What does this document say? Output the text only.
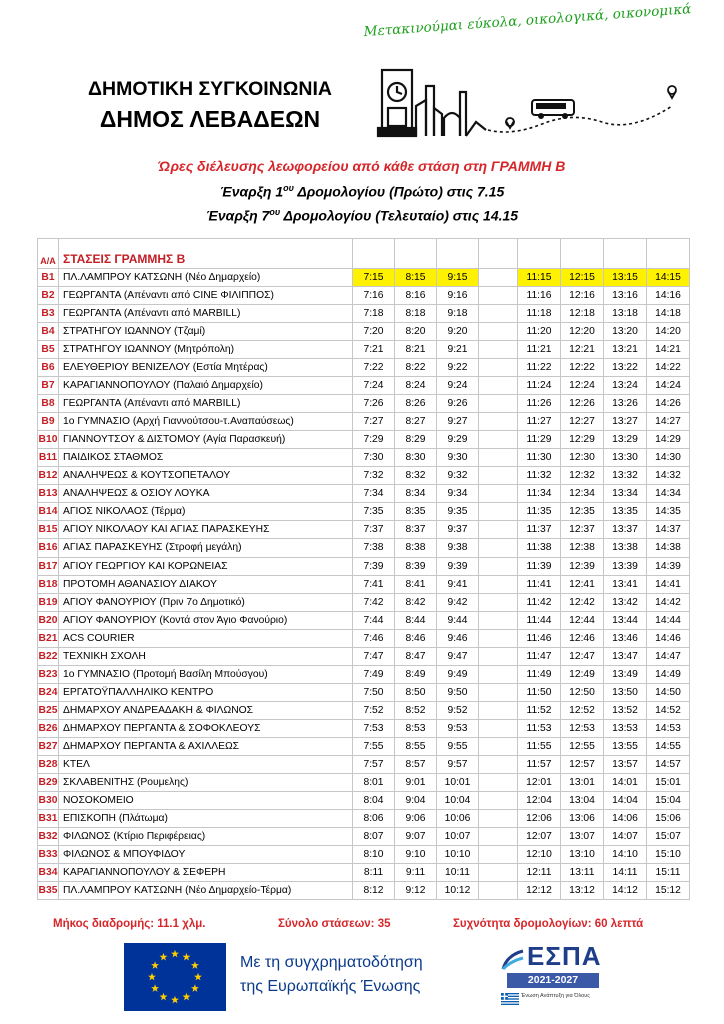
Μετακινούμαι εύκολα, οικολογικά, οικονομικά
ΔΗΜΟΤΙΚΗ ΣΥΓΚΟΙΝΩΝΙΑ
ΔΗΜΟΣ ΛΕΒΑΔΕΩΝ
Ώρες διέλευσης λεωφορείου από κάθε στάση στη ΓΡΑΜΜΗ Β
Έναρξη $1^{o\upsilon}$ Δρομολογίου (Πρώτο) στις 7.15
Έναρξη $7^{o\upsilon}$ Δρομολογίου (Τελευταίο) στις 14.15
Α/Α	ΣΤΑΣΕΙΣ ΓΡΑΜΜΗΣ Β								
Β1	ΠΛ.ΛΑΜΠΡΟΥ ΚΑΤΣΩΝΗ (Νέο Δημαρχείο)	7:15	8:15	9:15		11:15	12:15	13:15	14:15
Β2	ΓΕΩΡΓΑΝΤΑ (Απέναντι από CINE ΦΙΛΙΠΠΟΣ)	7:16	8:16	9:16		11:16	12:16	13:16	14:16
Β3	ΓΕΩΡΓΑΝΤΑ (Απέναντι από MARBILL)	7:18	8:18	9:18		11:18	12:18	13:18	14:18
Β4	ΣΤΡΑΤΗΓΟΥ ΙΩΑΝΝΟΥ (Τζαμί)	7:20	8:20	9:20		11:20	12:20	13:20	14:20
Β5	ΣΤΡΑΤΗΓΟΥ ΙΩΑΝΝΟΥ (Μητρόπολη)	7:21	8:21	9:21		11:21	12:21	13:21	14:21
Β6	ΕΛΕΥΘΕΡΙΟΥ ΒΕΝΙΖΕΛΟΥ (Εστία Μητέρας)	7:22	8:22	9:22		11:22	12:22	13:22	14:22
Β7	ΚΑΡΑΓΙΑΝΝΟΠΟΥΛΟΥ (Παλαιό Δημαρχείο)	7:24	8:24	9:24		11:24	12:24	13:24	14:24
Β8	ΓΕΩΡΓΑΝΤΑ (Απέναντι από MARBILL)	7:26	8:26	9:26		11:26	12:26	13:26	14:26
Β9	1ο ΓΥΜΝΑΣΙΟ (Αρχή Γιαννούτσου-τ.Αναπαύσεως)	7:27	8:27	9:27		11:27	12:27	13:27	14:27
Β10	ΓΙΑΝΝΟΥΤΣΟΥ & ΔΙΣΤΟΜΟΥ (Αγία Παρασκευή)	7:29	8:29	9:29		11:29	12:29	13:29	14:29
Β11	ΠΑΙΔΙΚΟΣ ΣΤΑΘΜΟΣ	7:30	8:30	9:30		11:30	12:30	13:30	14:30
Β12	ΑΝΑΛΗΨΕΩΣ & ΚΟΥΤΣΟΠΕΤΑΛΟΥ	7:32	8:32	9:32		11:32	12:32	13:32	14:32
Β13	ΑΝΑΛΗΨΕΩΣ & ΟΣΙΟΥ ΛΟΥΚΑ	7:34	8:34	9:34		11:34	12:34	13:34	14:34
Β14	ΑΓΙΟΣ ΝΙΚΟΛΑΟΣ (Τέρμα)	7:35	8:35	9:35		11:35	12:35	13:35	14:35
Β15	ΑΓΙΟΥ ΝΙΚΟΛΑΟΥ ΚΑΙ ΑΓΙΑΣ ΠΑΡΑΣΚΕΥΗΣ	7:37	8:37	9:37		11:37	12:37	13:37	14:37
Β16	ΑΓΙΑΣ ΠΑΡΑΣΚΕΥΗΣ (Στροφή μεγάλη)	7:38	8:38	9:38		11:38	12:38	13:38	14:38
Β17	ΑΓΙΟΥ ΓΕΩΡΓΙΟΥ ΚΑΙ ΚΟΡΩΝΕΙΑΣ	7:39	8:39	9:39		11:39	12:39	13:39	14:39
Β18	ΠΡΟΤΟΜΗ ΑΘΑΝΑΣΙΟΥ ΔΙΑΚΟΥ	7:41	8:41	9:41		11:41	12:41	13:41	14:41
Β19	ΑΓΙΟΥ ΦΑΝΟΥΡΙΟΥ (Πριν 7ο Δημοτικό)	7:42	8:42	9:42		11:42	12:42	13:42	14:42
Β20	ΑΓΙΟΥ ΦΑΝΟΥΡΙΟΥ (Κοντά στον Άγιο Φανούριο)	7:44	8:44	9:44		11:44	12:44	13:44	14:44
Β21	ACS COURIER	7:46	8:46	9:46		11:46	12:46	13:46	14:46
Β22	ΤΕΧΝΙΚΗ ΣΧΟΛΗ	7:47	8:47	9:47		11:47	12:47	13:47	14:47
Β23	1ο ΓΥΜΝΑΣΙΟ (Προτομή Βασίλη Μπούσγου)	7:49	8:49	9:49		11:49	12:49	13:49	14:49
Β24	ΕΡΓΑΤΟΫΠΑΛΛΗΛΙΚΟ ΚΕΝΤΡΟ	7:50	8:50	9:50		11:50	12:50	13:50	14:50
Β25	ΔΗΜΑΡΧΟΥ ΑΝΔΡΕΑΔΑΚΗ & ΦΙΛΩΝΟΣ	7:52	8:52	9:52		11:52	12:52	13:52	14:52
Β26	ΔΗΜΑΡΧΟΥ ΠΕΡΓΑΝΤΑ & ΣΟΦΟΚΛΕΟΥΣ	7:53	8:53	9:53		11:53	12:53	13:53	14:53
Β27	ΔΗΜΑΡΧΟΥ ΠΕΡΓΑΝΤΑ & ΑΧΙΛΛΕΩΣ	7:55	8:55	9:55		11:55	12:55	13:55	14:55
Β28	ΚΤΕΛ	7:57	8:57	9:57		11:57	12:57	13:57	14:57
Β29	ΣΚΛΑΒΕΝΙΤΗΣ (Ρουμελης)	8:01	9:01	10:01		12:01	13:01	14:01	15:01
Β30	ΝΟΣΟΚΟΜΕΙΟ	8:04	9:04	10:04		12:04	13:04	14:04	15:04
Β31	ΕΠΙΣΚΟΠΗ (Πλάτωμα)	8:06	9:06	10:06		12:06	13:06	14:06	15:06
Β32	ΦΙΛΩΝΟΣ (Κτίριο Περιφέρειας)	8:07	9:07	10:07		12:07	13:07	14:07	15:07
Β33	ΦΙΛΩΝΟΣ & ΜΠΟΥΦΙΔΟΥ	8:10	9:10	10:10		12:10	13:10	14:10	15:10
Β34	ΚΑΡΑΓΙΑΝΝΟΠΟΥΛΟΥ & ΣΕΦΕΡΗ	8:11	9:11	10:11		12:11	13:11	14:11	15:11
Β35	ΠΛ.ΛΑΜΠΡΟΥ ΚΑΤΣΩΝΗ (Νέο Δημαρχείο-Τέρμα)	8:12	9:12	10:12		12:12	13:12	14:12	15:12
Μήκος διαδρομής: 11.1 χλμ.	Σύνολο στάσεων: 35	Συχνότητα δρομολογίων: 60 λεπτά
Με τη συγχρηματοδότηση
της Ευρωπαϊκής Ένωσης
ΕΣΠΑ
2021-2027
Ένωση Ανάπτυξη για Όλους
